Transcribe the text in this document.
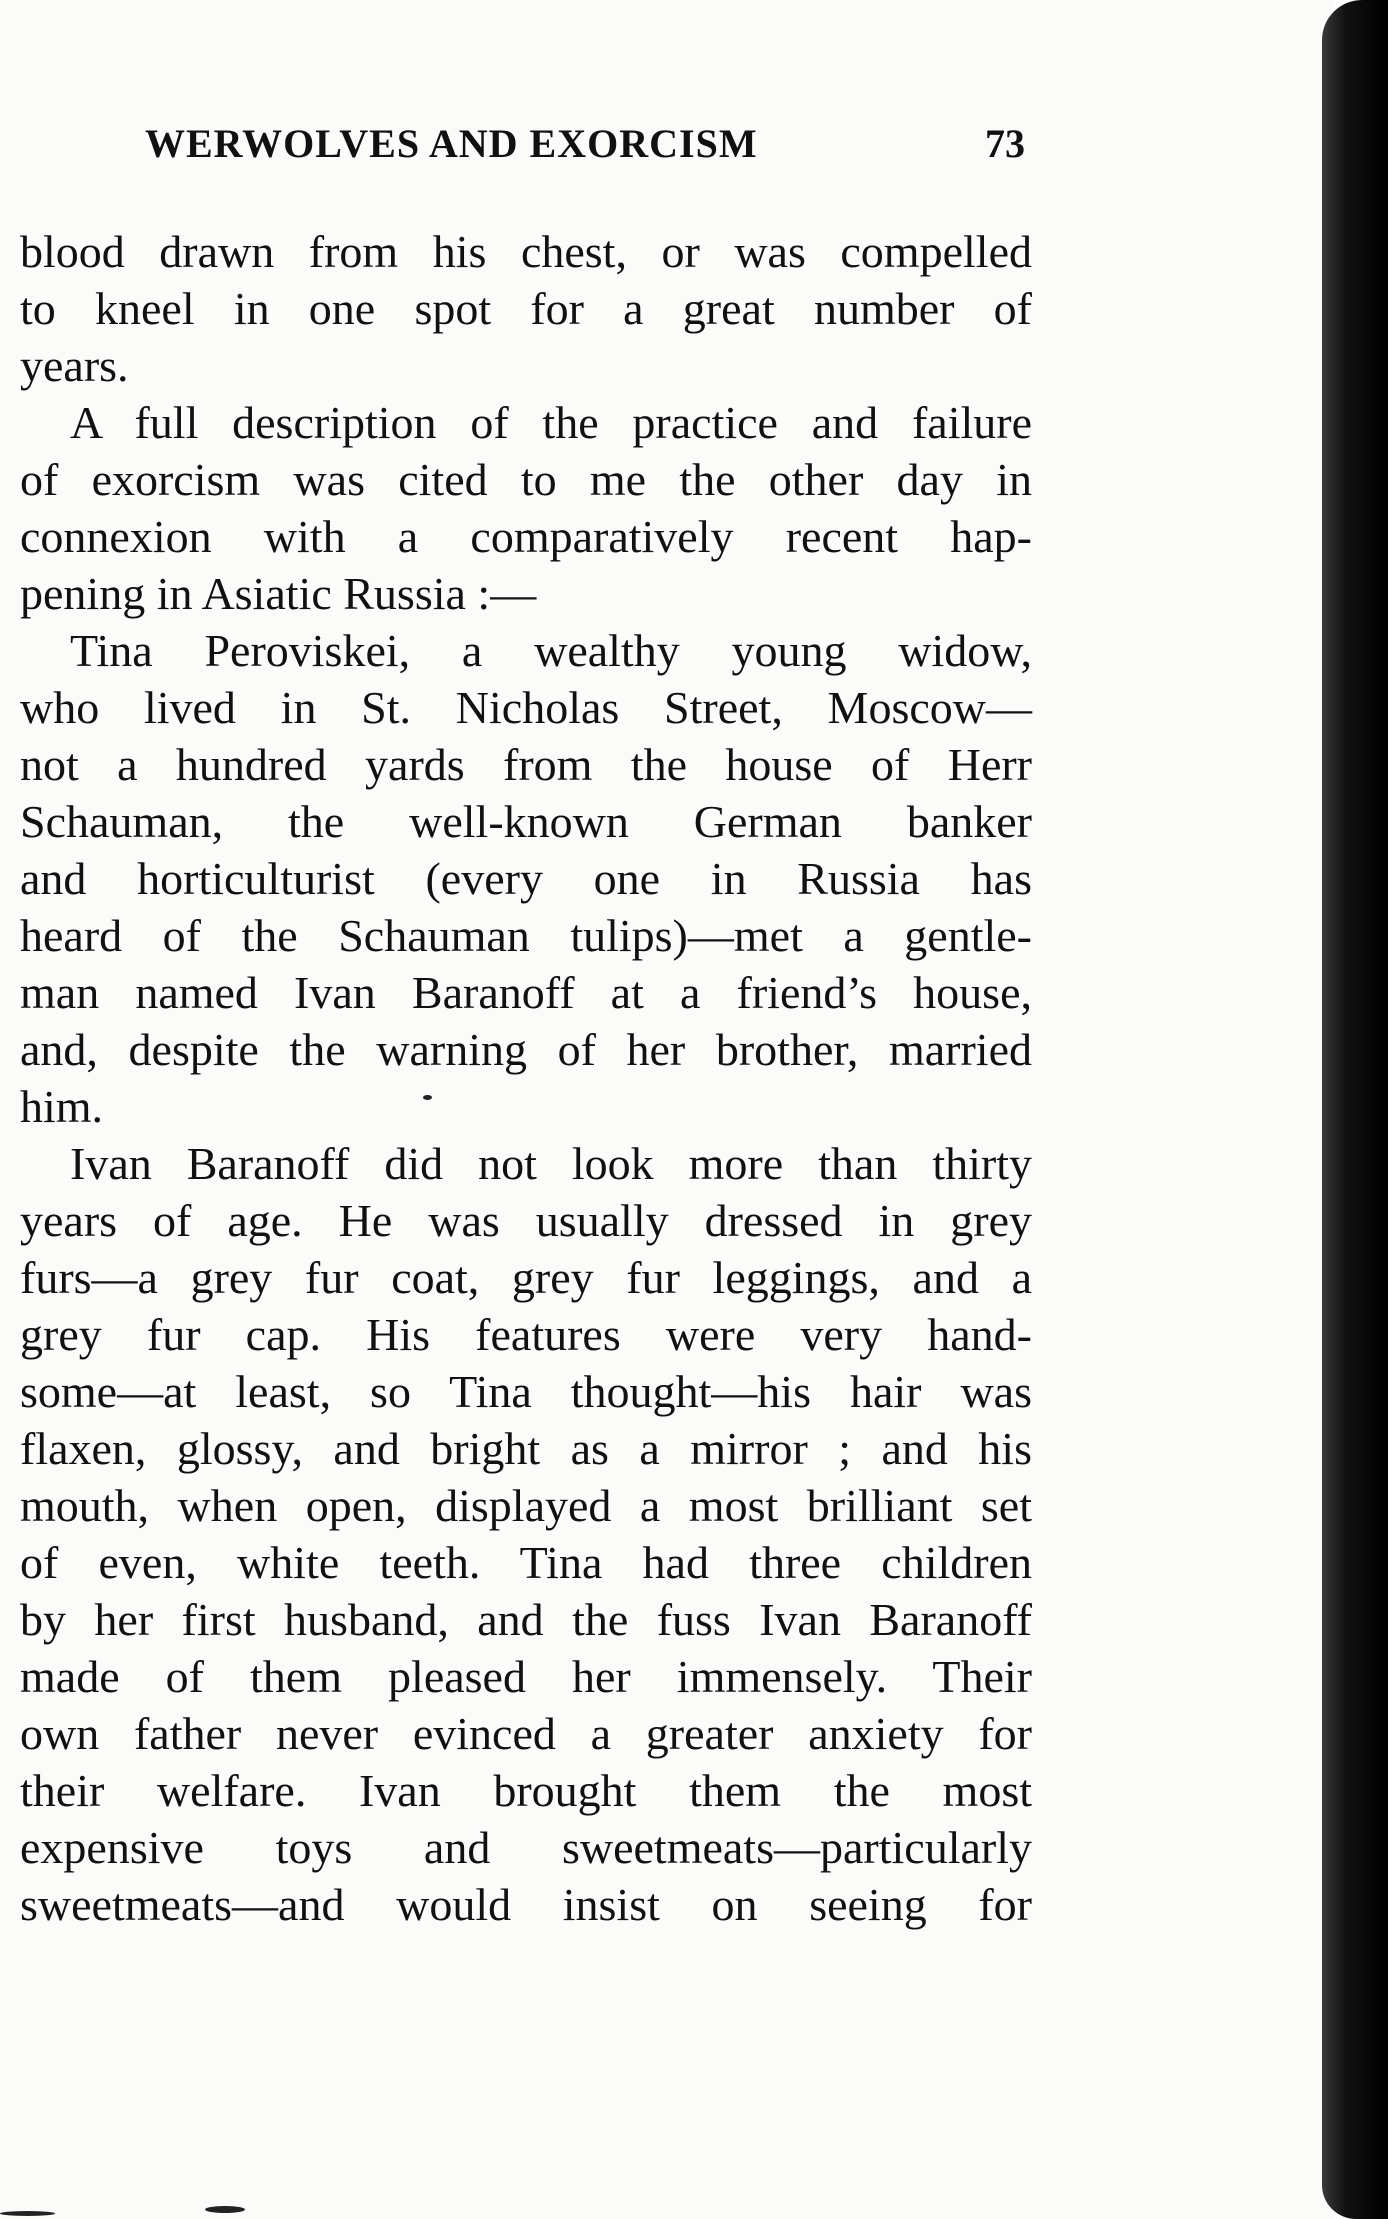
WERWOLVES AND EXORCISM	73

blood drawn from his chest, or was compelled
to kneel in one spot for a great number of
years.

A full description of the practice and failure
of exorcism was cited to me the other day in
connexion with a comparatively recent hap-
pening in Asiatic Russia :—

Tina Peroviskei, a wealthy young widow,
who lived in St. Nicholas Street, Moscow—
not a hundred yards from the house of Herr
Schauman, the well-known German banker
and horticulturist (every one in Russia has
heard of the Schauman tulips)—met a gentle-
man named Ivan Baranoff at a friend’s house,
and, despite the warning of her brother, married
him.

Ivan Baranoff did not look more than thirty
years of age. He was usually dressed in grey
furs—a grey fur coat, grey fur leggings, and a
grey fur cap. His features were very hand-
some—at least, so Tina thought—his hair was
flaxen, glossy, and bright as a mirror ; and his
mouth, when open, displayed a most brilliant set
of even, white teeth. Tina had three children
by her first husband, and the fuss Ivan Baranoff
made of them pleased her immensely. Their
own father never evinced a greater anxiety for
their welfare. Ivan brought them the most
expensive toys and sweetmeats—particularly
sweetmeats—and would insist on seeing for
